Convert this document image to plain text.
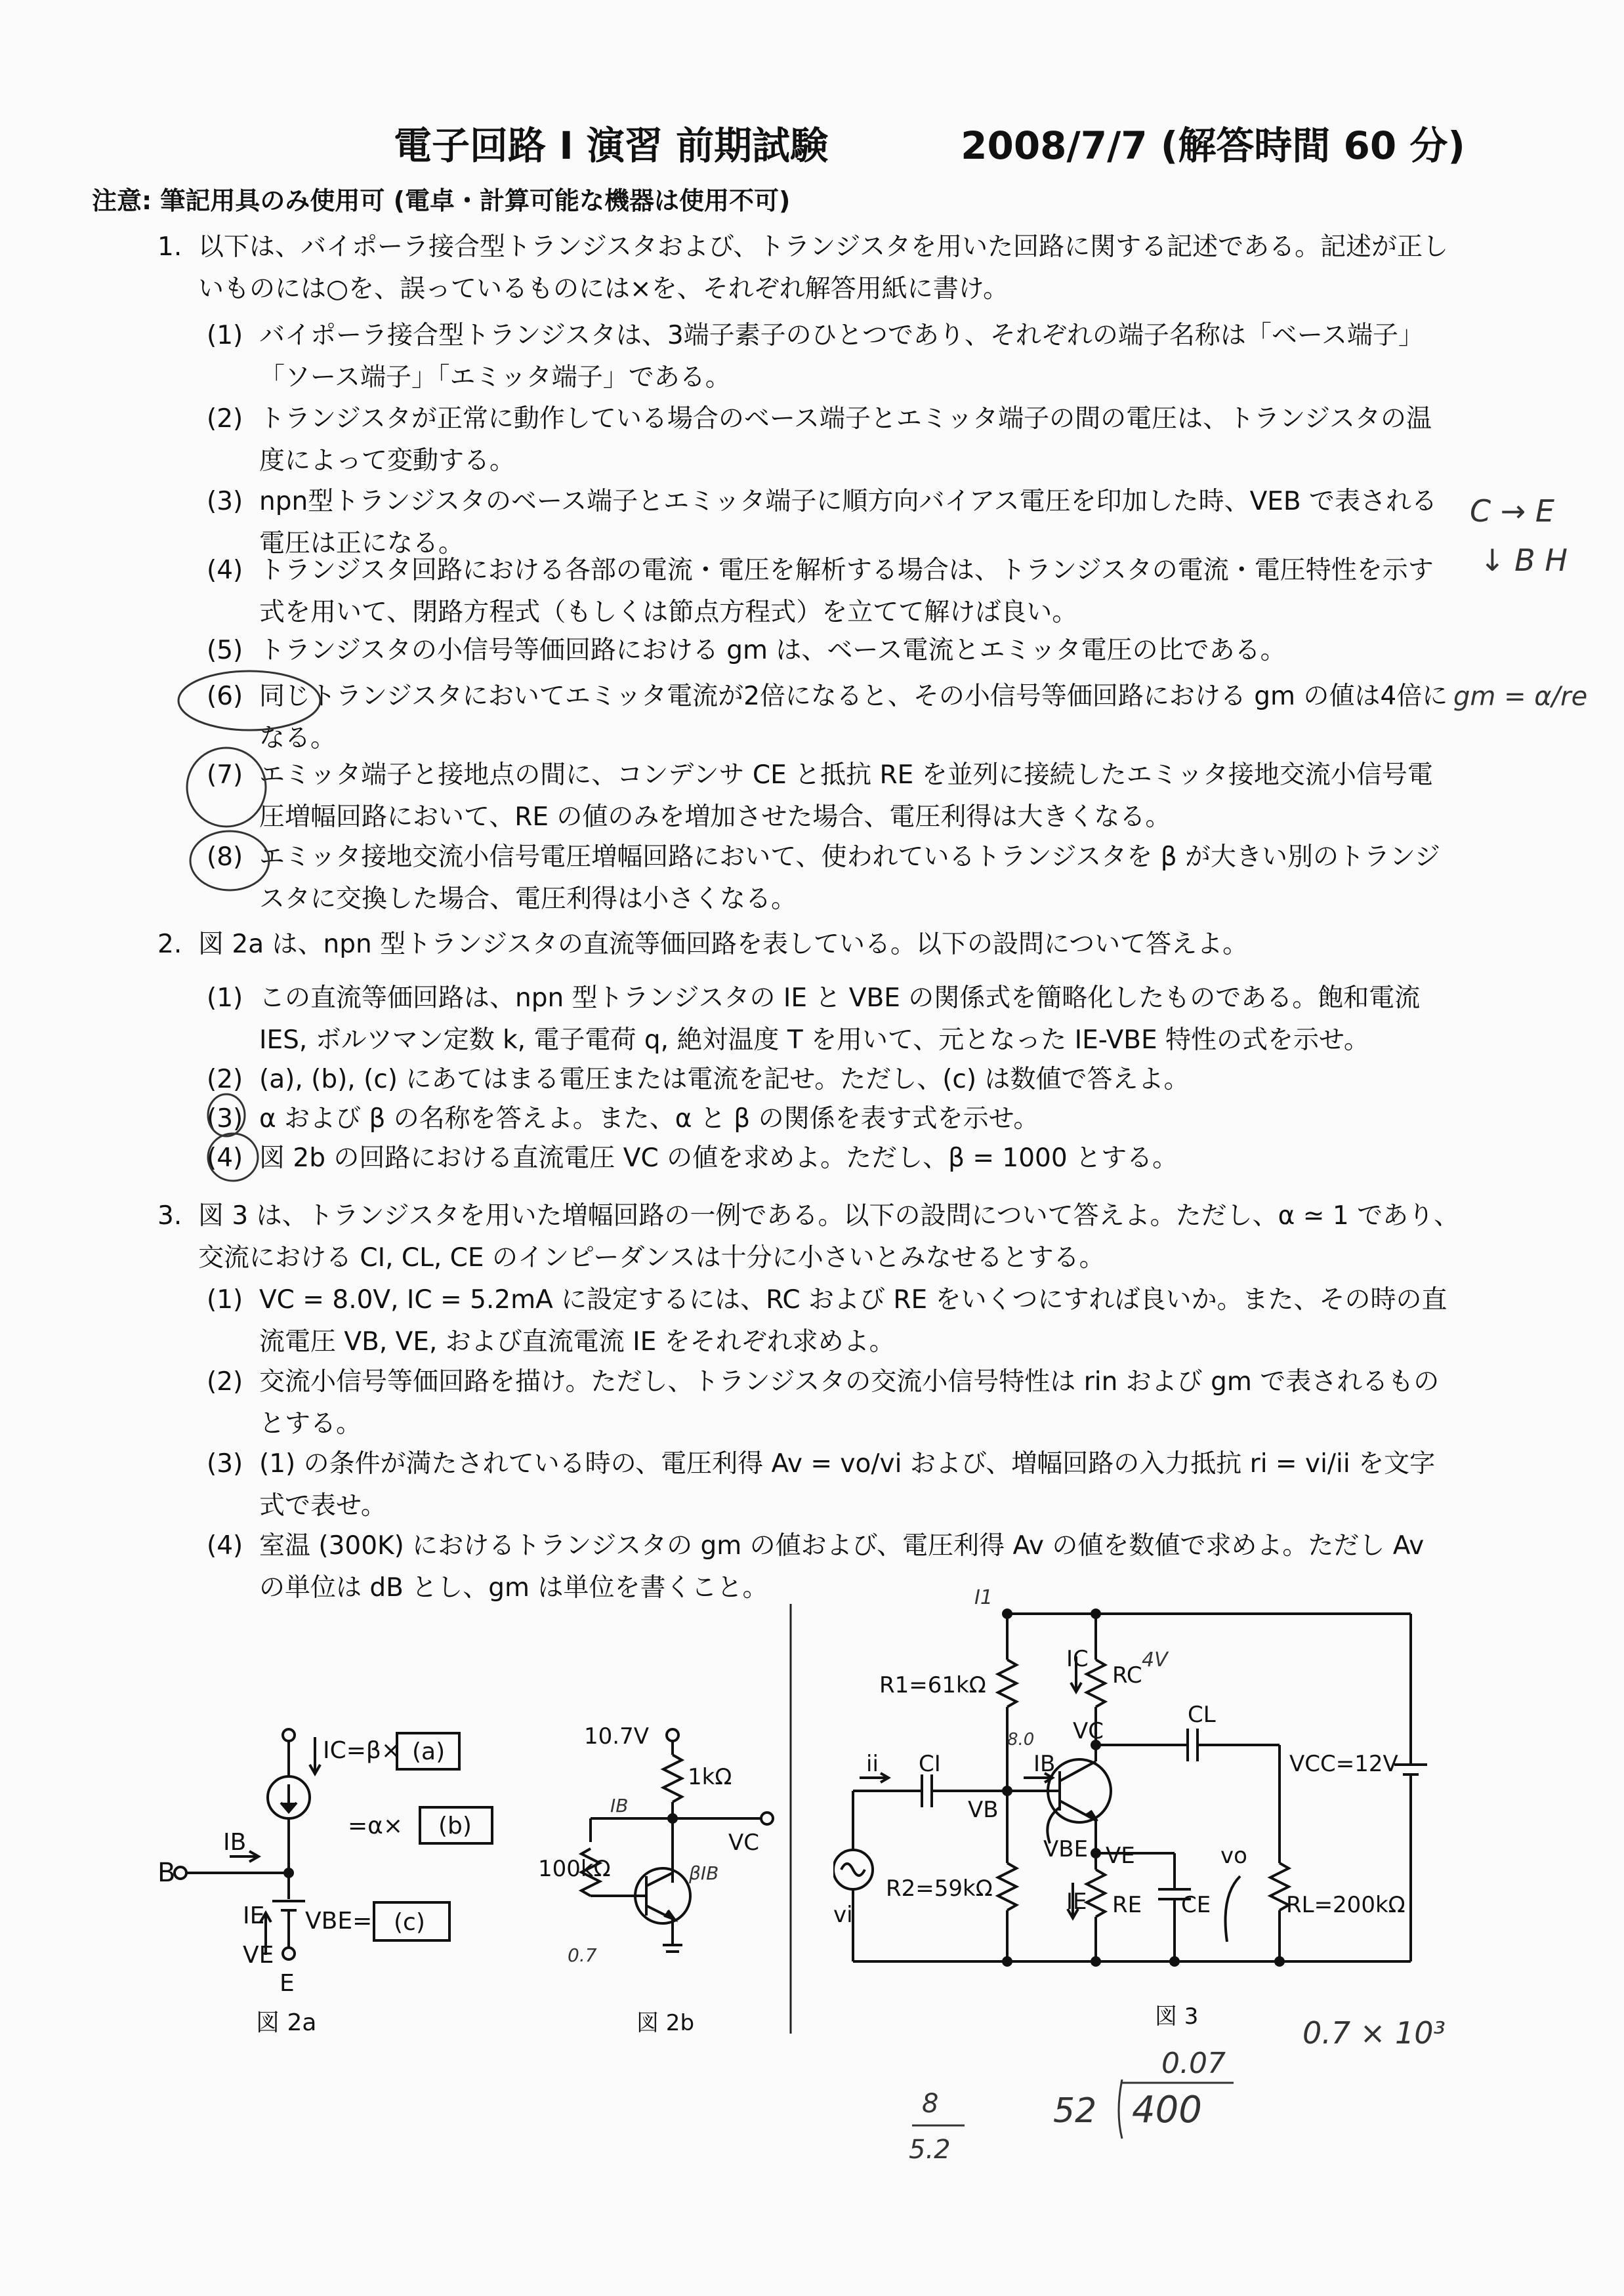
電子回路 I 演習 前期試験	2008/7/7 (解答時間 60 分)
注意: 筆記用具のみ使用可 (電卓・計算可能な機器は使用不可)
1. 以下は、バイポーラ接合型トランジスタおよび、トランジスタを用いた回路に関する記述である。記述が正しいものには○を、誤っているものには×を、それぞれ解答用紙に書け。
(1) バイポーラ接合型トランジスタは、3端子素子のひとつであり、それぞれの端子名称は「ベース端子」「ソース端子」「エミッタ端子」である。
(2) トランジスタが正常に動作している場合のベース端子とエミッタ端子の間の電圧は、トランジスタの温度によって変動する。
(3) npn型トランジスタのベース端子とエミッタ端子に順方向バイアス電圧を印加した時、VEB で表される電圧は正になる。
(4) トランジスタ回路における各部の電流・電圧を解析する場合は、トランジスタの電流・電圧特性を示す式を用いて、閉路方程式（もしくは節点方程式）を立てて解けば良い。
(5) トランジスタの小信号等価回路における gm は、ベース電流とエミッタ電圧の比である。
(6) 同じトランジスタにおいてエミッタ電流が2倍になると、その小信号等価回路における gm の値は4倍になる。
(7) エミッタ端子と接地点の間に、コンデンサ CE と抵抗 RE を並列に接続したエミッタ接地交流小信号電圧増幅回路において、RE の値のみを増加させた場合、電圧利得は大きくなる。
(8) エミッタ接地交流小信号電圧増幅回路において、使われているトランジスタを β が大きい別のトランジスタに交換した場合、電圧利得は小さくなる。
2. 図 2a は、npn 型トランジスタの直流等価回路を表している。以下の設問について答えよ。
(1) この直流等価回路は、npn 型トランジスタの IE と VBE の関係式を簡略化したものである。飽和電流 IES, ボルツマン定数 k, 電子電荷 q, 絶対温度 T を用いて、元となった IE-VBE 特性の式を示せ。
(2) (a), (b), (c) にあてはまる電圧または電流を記せ。ただし、(c) は数値で答えよ。
(3) α および β の名称を答えよ。また、α と β の関係を表す式を示せ。
(4) 図 2b の回路における直流電圧 VC の値を求めよ。ただし、β = 1000 とする。
3. 図 3 は、トランジスタを用いた増幅回路の一例である。以下の設問について答えよ。ただし、α ≃ 1 であり、交流における CI, CL, CE のインピーダンスは十分に小さいとみなせるとする。
(1) VC = 8.0V, IC = 5.2mA に設定するには、RC および RE をいくつにすれば良いか。また、その時の直流電圧 VB, VE, および直流電流 IE をそれぞれ求めよ。
(2) 交流小信号等価回路を描け。ただし、トランジスタの交流小信号特性は rin および gm で表されるものとする。
(3) (1) の条件が満たされている時の、電圧利得 Av = vo/vi および、増幅回路の入力抵抗 ri = vi/ii を文字式で表せ。
(4) 室温 (300K) におけるトランジスタの gm の値および、電圧利得 Av の値を数値で求めよ。ただし Av の単位は dB とし、gm は単位を書くこと。
C → E
↓ B H
gm = α/re
0.7 × 10³
8
5.2
400
52
0.07
IC=β× (a)
IB
=α× (b)
B
IE VBE= (c)
VE
E
図 2a
10.7V
1kΩ
100kΩ
VC
図 2b
IB
βIB
0.7
R1=61kΩ
R2=59kΩ
RC
RE CE	RL=200kΩ
CI
CL
VCC=12V
IC
IB
IE
VC
VB
VE
VBE	vo
vi
ii
図 3
4V
I1
8.0
